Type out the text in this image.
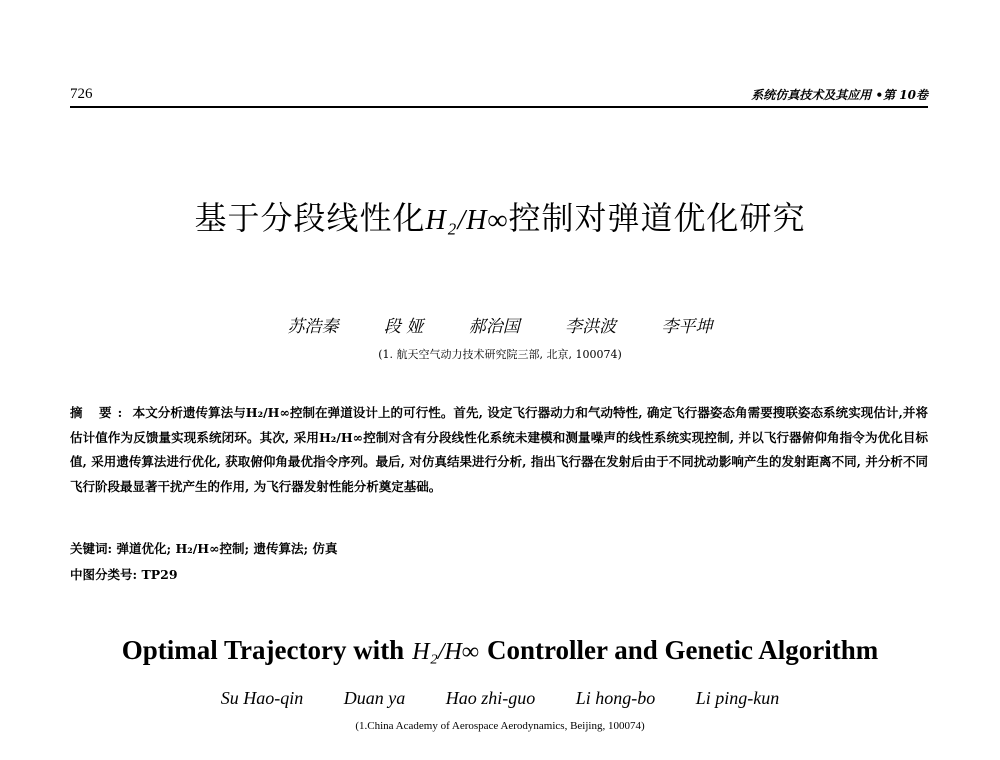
726	系统仿真技术及其应用 •第 10卷
基于分段线性化H₂/H∞控制对弹道优化研究
苏浩秦	段 娅	郝治国	李洪波	李平坤
(1. 航天空气动力技术研究院三部, 北京, 100074)
摘 要: 本文分析遗传算法与H₂/H∞控制在弹道设计上的可行性。首先, 设定飞行器动力和气动特性, 确定飞行器姿态角需要搜联姿态系统实现估计,并将估计值作为反馈量实现系统闭环。其次, 采用H₂/H∞控制对含有分段线性化系统未建模和测量噪声的线性系统实现控制, 并以飞行器俯仰角指令为优化目标值, 采用遗传算法进行优化, 获取俯仰角最优指令序列。最后, 对仿真结果进行分析, 指出飞行器在发射后由于不同扰动影响产生的发射距离不同, 并分析不同飞行阶段最显著干扰产生的作用, 为飞行器发射性能分析奠定基础。
关键词: 弹道优化; H₂/H∞控制; 遗传算法; 仿真
中图分类号: TP29
Optimal Trajectory with H₂/H∞ Controller and Genetic Algorithm
Su Hao-qin Duan ya Hao zhi-guo Li hong-bo Li ping-kun
(1.China Academy of Aerospace Aerodynamics, Beijing, 100074)
